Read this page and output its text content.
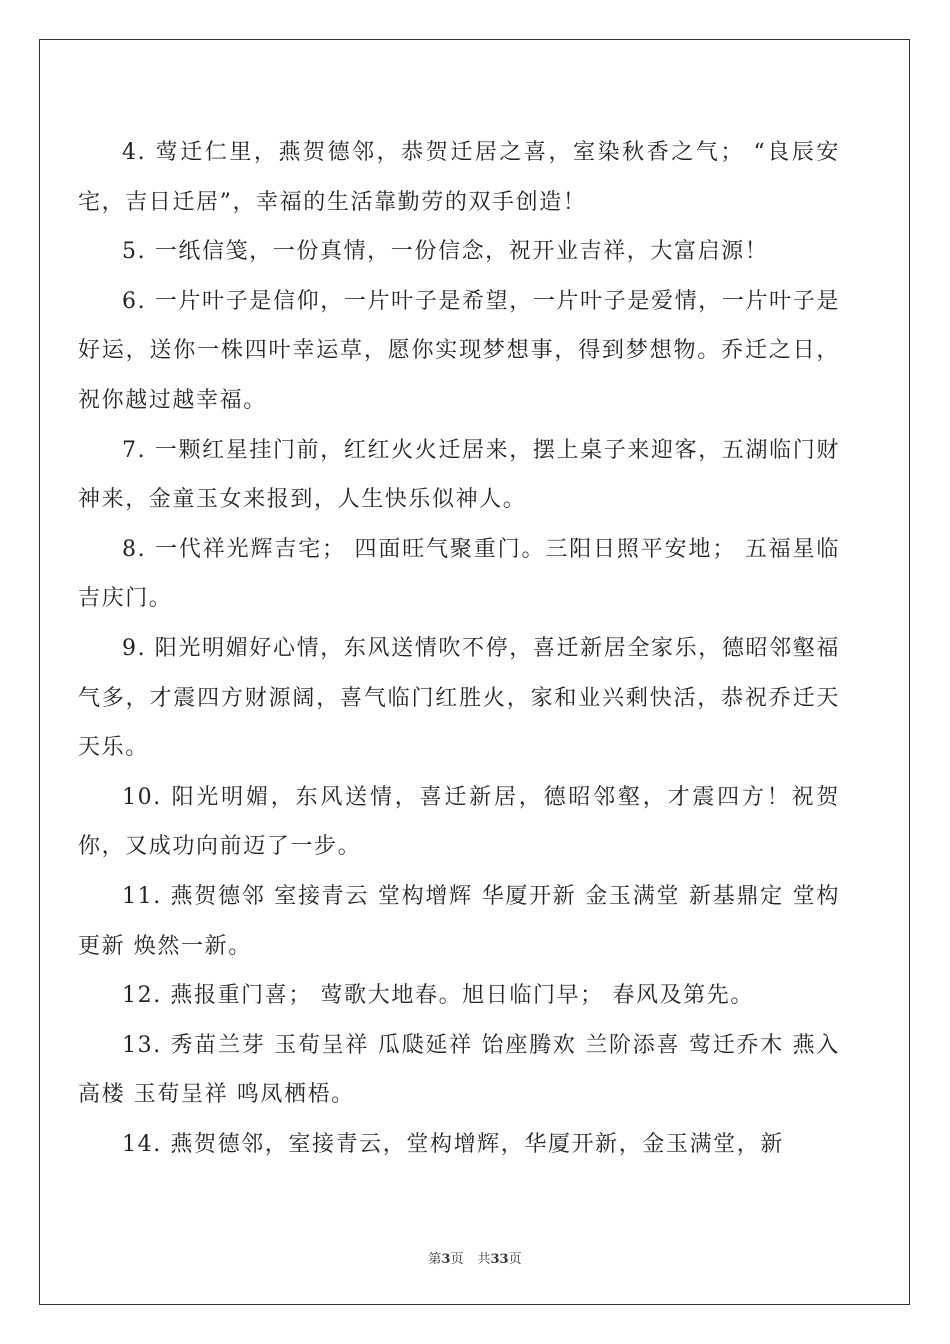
4. 莺迁仁里，燕贺德邻，恭贺迁居之喜，室染秋香之气； “良辰安宅，吉日迁居”，幸福的生活靠勤劳的双手创造！

5. 一纸信笺，一份真情，一份信念，祝开业吉祥，大富启源！

6. 一片叶子是信仰，一片叶子是希望，一片叶子是爱情，一片叶子是好运，送你一株四叶幸运草，愿你实现梦想事，得到梦想物。乔迁之日，祝你越过越幸福。

7. 一颗红星挂门前，红红火火迁居来，摆上桌子来迎客，五湖临门财神来，金童玉女来报到，人生快乐似神人。

8. 一代祥光辉吉宅； 四面旺气聚重门。三阳日照平安地； 五福星临吉庆门。

9. 阳光明媚好心情，东风送情吹不停，喜迁新居全家乐，德昭邻壑福气多，才震四方财源阔，喜气临门红胜火，家和业兴剩快活，恭祝乔迁天天乐。

10. 阳光明媚，东风送情，喜迁新居，德昭邻壑，才震四方！祝贺你，又成功向前迈了一步。

11. 燕贺德邻 室接青云 堂构增辉 华厦开新 金玉满堂 新基鼎定 堂构更新 焕然一新。

12. 燕报重门喜； 莺歌大地春。旭日临门早； 春风及第先。

13. 秀苗兰芽 玉荀呈祥 瓜瓞延祥 饴座腾欢 兰阶添喜 莺迁乔木 燕入高楼 玉荀呈祥 鸣凤栖梧。

14. 燕贺德邻，室接青云，堂构增辉，华厦开新，金玉满堂，新

第3页 共33页
